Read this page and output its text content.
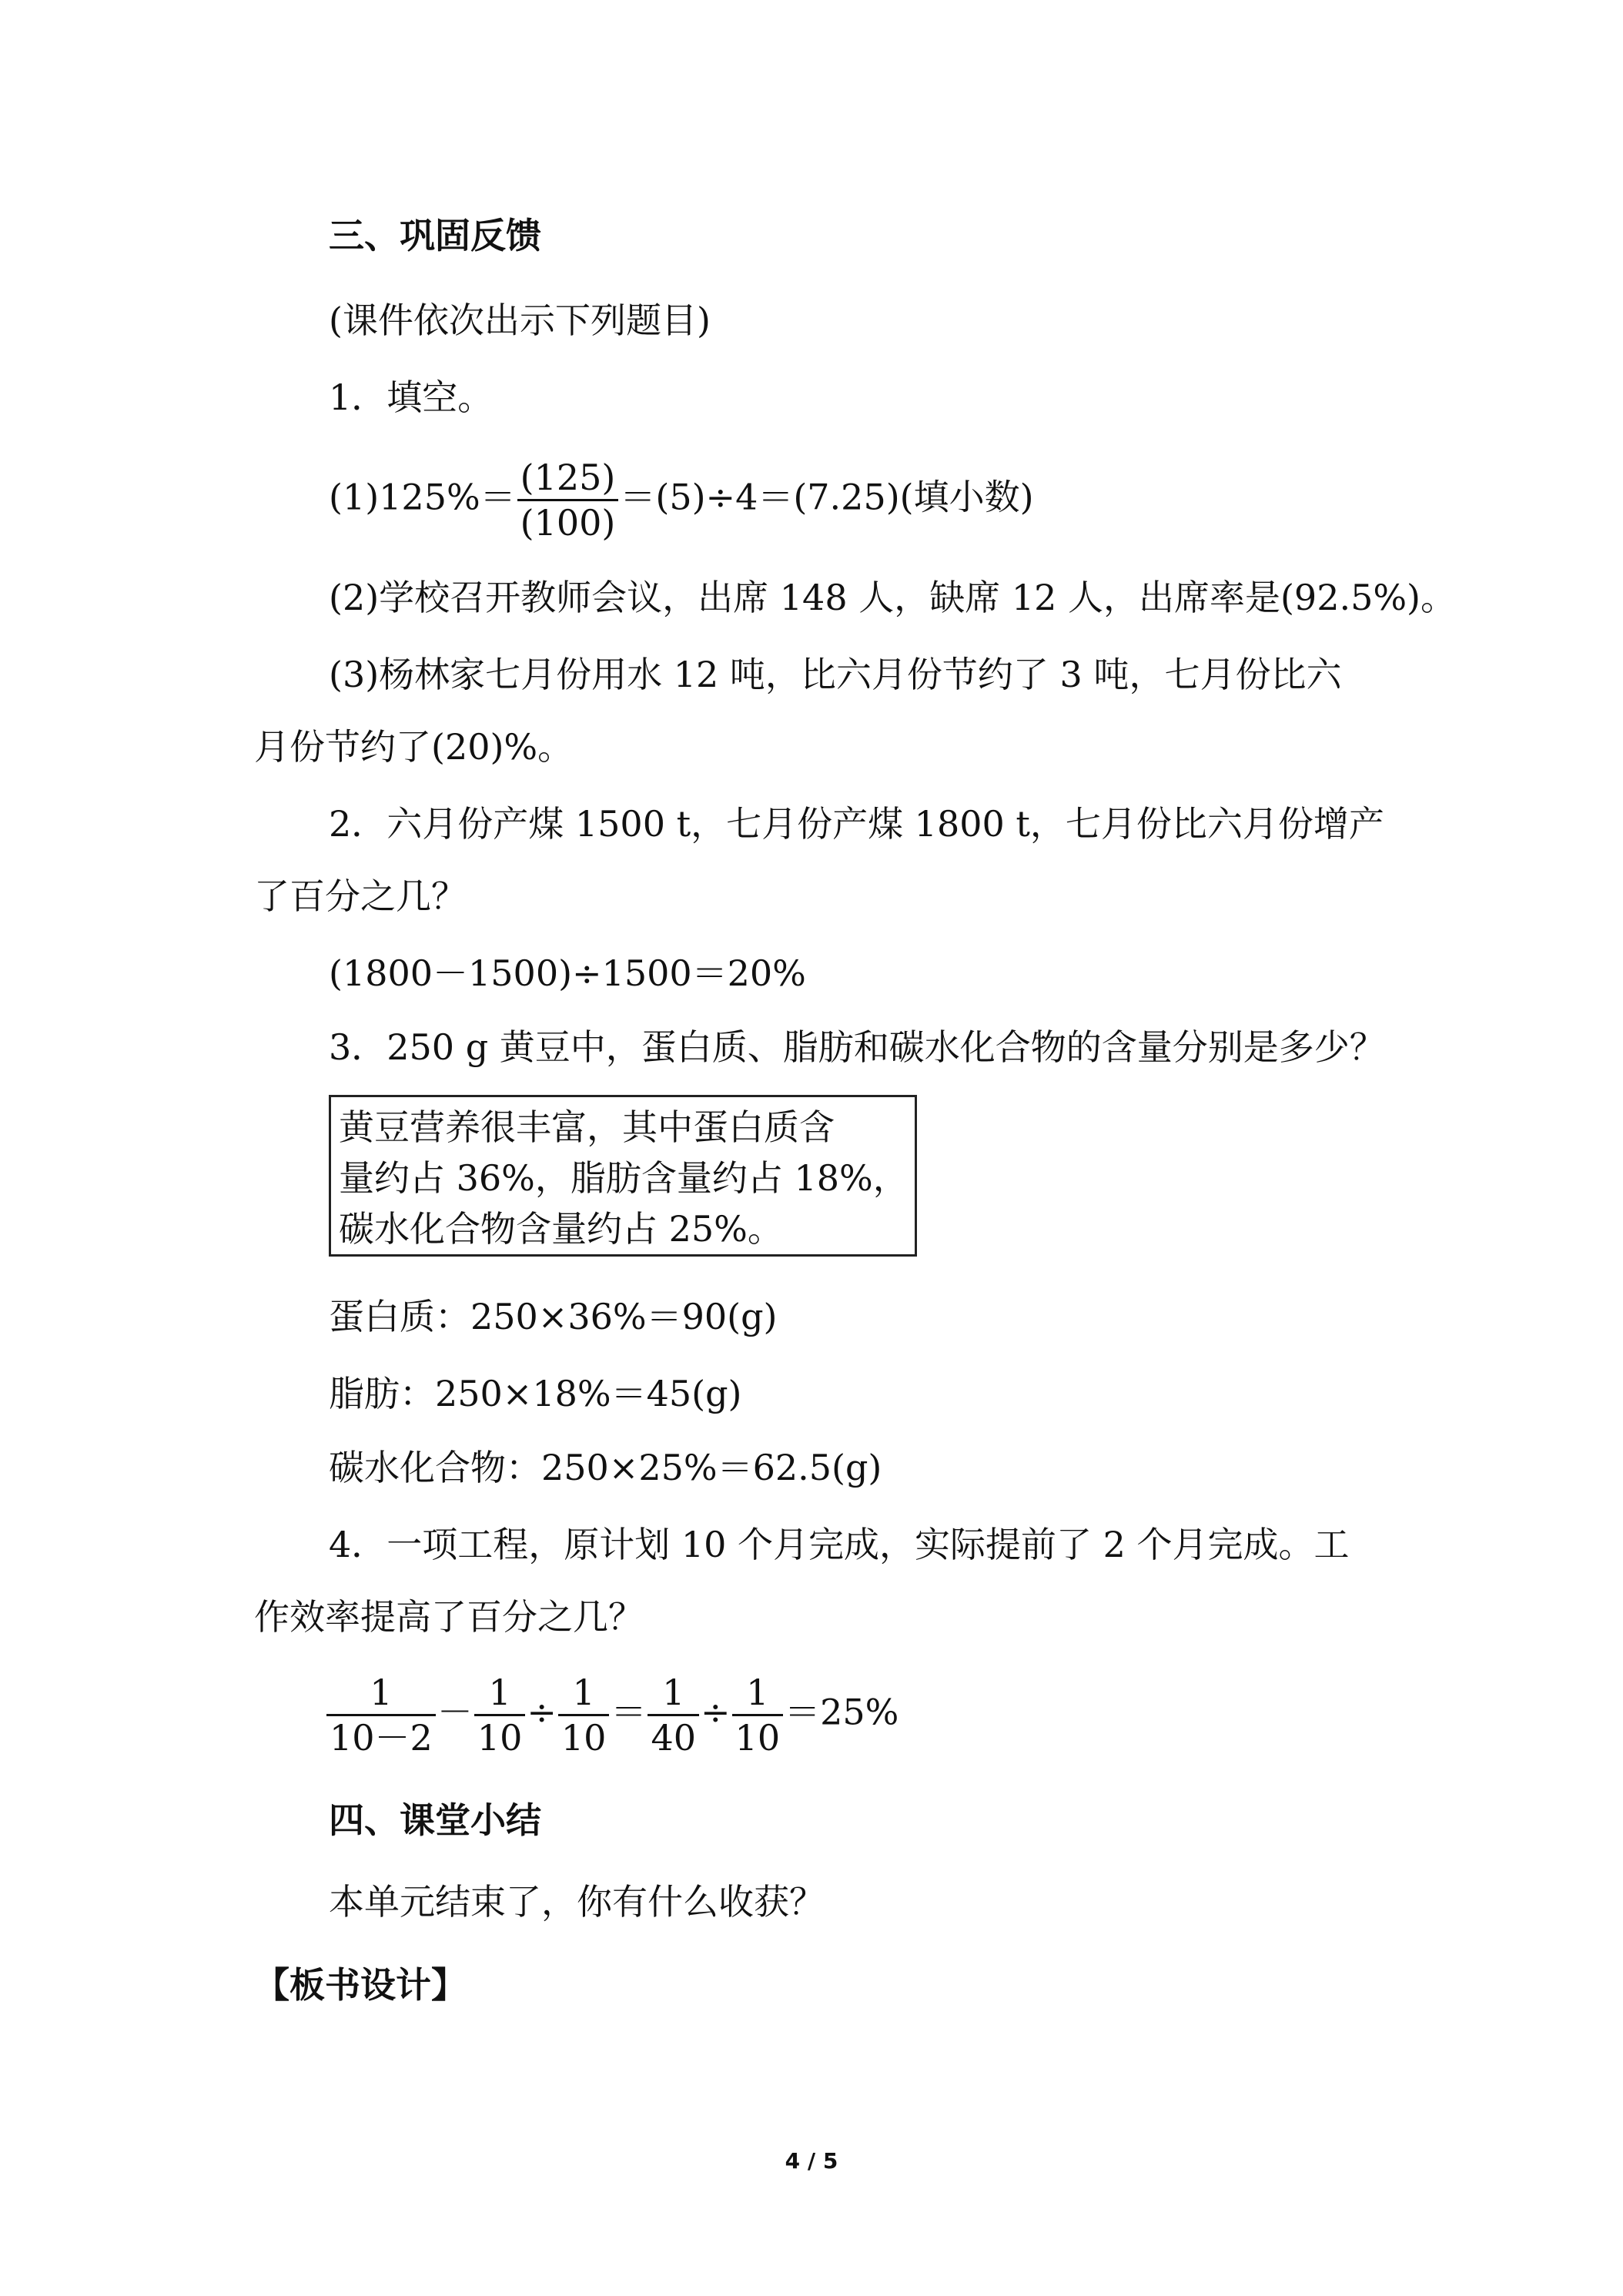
三、巩固反馈
(课件依次出示下列题目)
1．填空。
$(1)125\%= \frac{(125)}{(100)} =(5)\div 4=(7.25)$(填小数)
(2)学校召开教师会议，出席 148 人，缺席 12 人，出席率是(92.5%)。
(3)杨林家七月份用水 12 吨，比六月份节约了 3 吨，七月份比六
月份节约了(20)%。
2．六月份产煤 1500 t，七月份产煤 1800 t，七月份比六月份增产
了百分之几？
(1800－1500)÷1500＝20%
3．250 g 黄豆中，蛋白质、脂肪和碳水化合物的含量分别是多少？
黄豆营养很丰富，其中蛋白质含
量约占 36%，脂肪含量约占 18%，
碳水化合物含量约占 25%。
蛋白质：250×36%＝90(g)
脂肪：250×18%＝45(g)
碳水化合物：250×25%＝62.5(g)
4．一项工程，原计划 10 个月完成，实际提前了 2 个月完成。工
作效率提高了百分之几？
$\frac{1}{10-2} - \frac{1}{10} \div \frac{1}{10} = \frac{1}{40} \div \frac{1}{10} =25\%$
四、课堂小结
本单元结束了，你有什么收获？
【板书设计】
4 / 5
